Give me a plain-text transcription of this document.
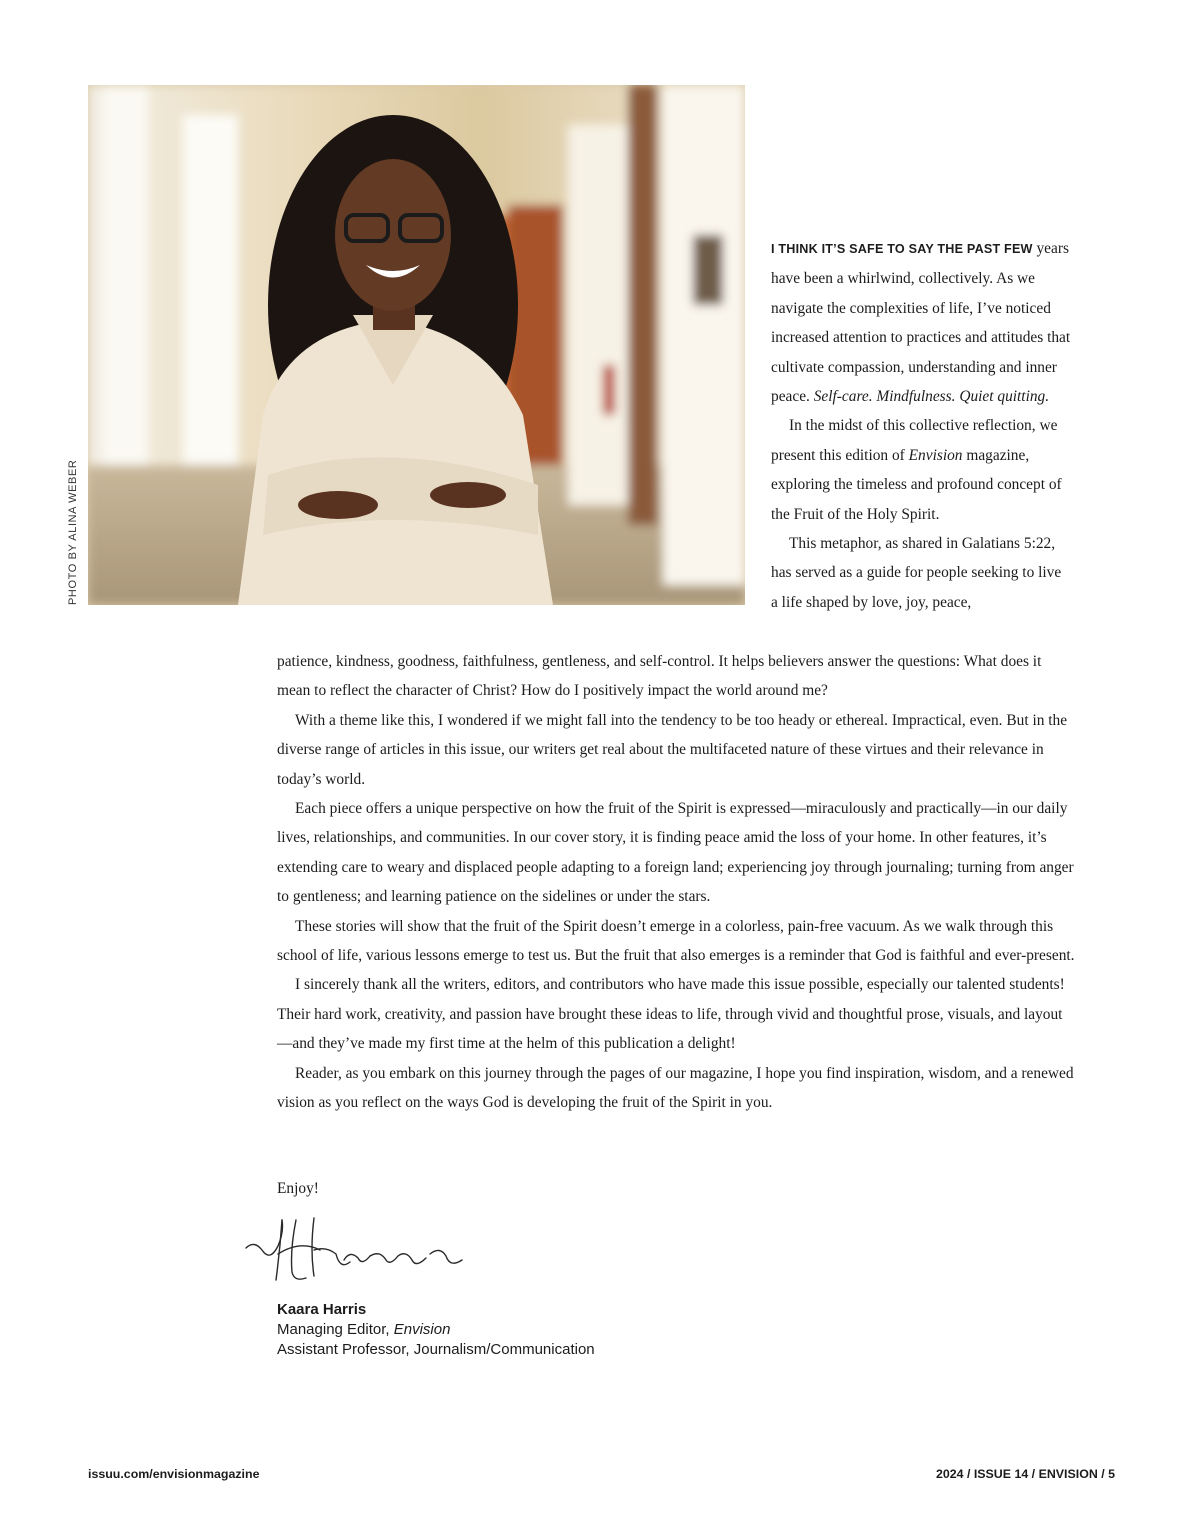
PHOTO BY ALINA WEBER

I THINK IT’S SAFE TO SAY THE PAST FEW years have been a whirlwind, collectively. As we navigate the complexities of life, I’ve noticed increased attention to practices and attitudes that cultivate compassion, understanding and inner peace. Self-care. Mindfulness. Quiet quitting.

In the midst of this collective reflection, we present this edition of Envision magazine, exploring the timeless and profound concept of the Fruit of the Holy Spirit.

This metaphor, as shared in Galatians 5:22, has served as a guide for people seeking to live a life shaped by love, joy, peace,

patience, kindness, goodness, faithfulness, gentleness, and self-control. It helps believers answer the questions: What does it mean to reflect the character of Christ? How do I positively impact the world around me?

With a theme like this, I wondered if we might fall into the tendency to be too heady or ethereal. Impractical, even. But in the diverse range of articles in this issue, our writers get real about the multifaceted nature of these virtues and their relevance in today’s world.

Each piece offers a unique perspective on how the fruit of the Spirit is expressed—miraculously and practically—in our daily lives, relationships, and communities. In our cover story, it is finding peace amid the loss of your home. In other features, it’s extending care to weary and displaced people adapting to a foreign land; experiencing joy through journaling; turning from anger to gentleness; and learning patience on the sidelines or under the stars.

These stories will show that the fruit of the Spirit doesn’t emerge in a colorless, pain-free vacuum. As we walk through this school of life, various lessons emerge to test us. But the fruit that also emerges is a reminder that God is faithful and ever-present.

I sincerely thank all the writers, editors, and contributors who have made this issue possible, especially our talented students! Their hard work, creativity, and passion have brought these ideas to life, through vivid and thoughtful prose, visuals, and layout—and they’ve made my first time at the helm of this publication a delight!

Reader, as you embark on this journey through the pages of our magazine, I hope you find inspiration, wisdom, and a renewed vision as you reflect on the ways God is developing the fruit of the Spirit in you.

Enjoy!
Kaara Harris
Managing Editor, Envision
Assistant Professor, Journalism/Communication
issuu.com/envisionmagazine	2024 / ISSUE 14 / ENVISION / 5
